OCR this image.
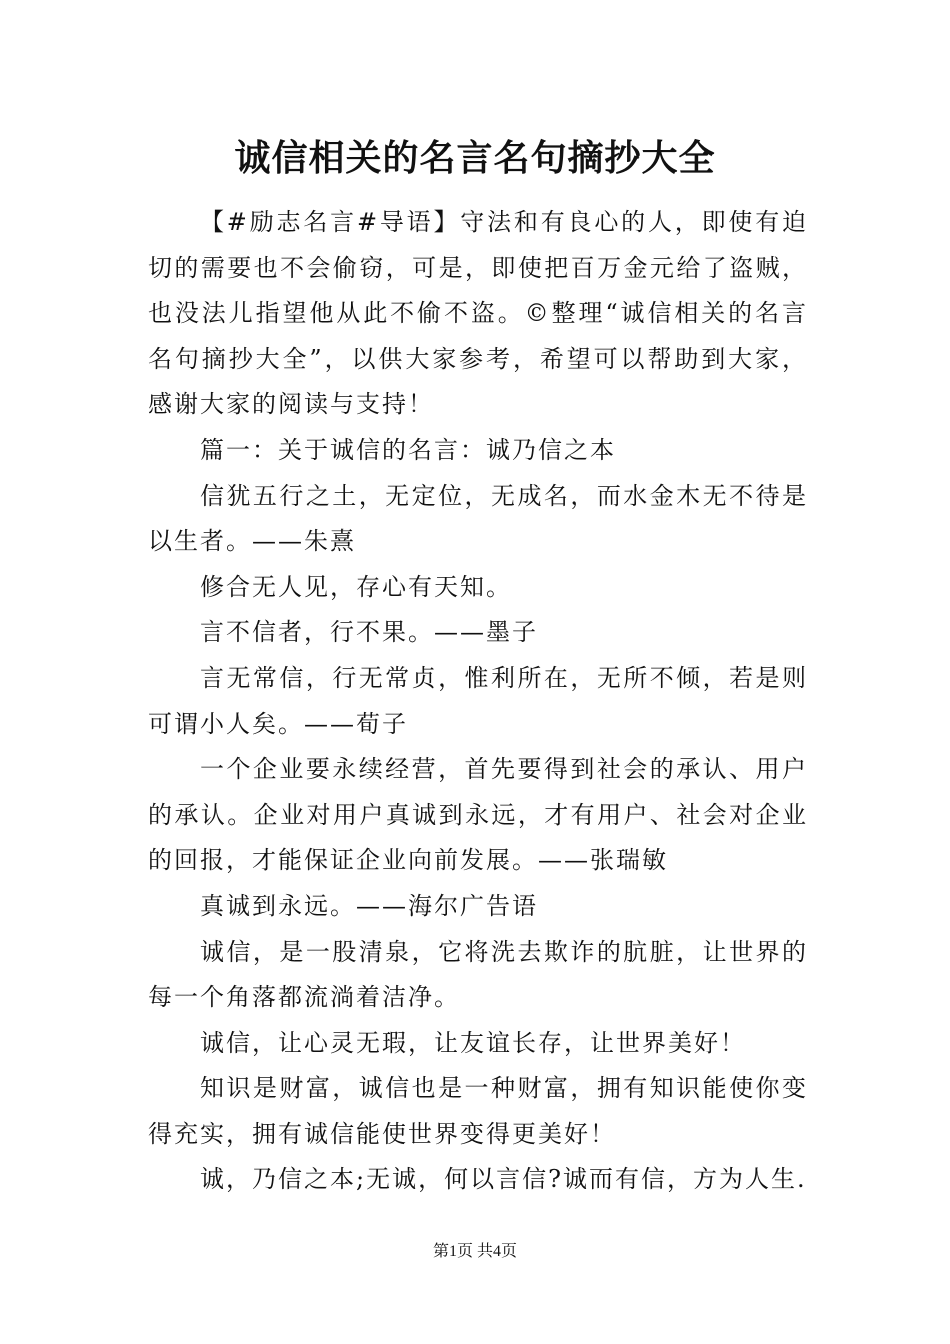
诚信相关的名言名句摘抄大全

【#励志名言#导语】守法和有良心的人，即使有迫切的需要也不会偷窃，可是，即使把百万金元给了盗贼，也没法儿指望他从此不偷不盗。©整理“诚信相关的名言名句摘抄大全”，以供大家参考，希望可以帮助到大家，感谢大家的阅读与支持！

篇一：关于诚信的名言：诚乃信之本

信犹五行之土，无定位，无成名，而水金木无不待是以生者。——朱熹

修合无人见，存心有天知。

言不信者，行不果。——墨子

言无常信，行无常贞，惟利所在，无所不倾，若是则可谓小人矣。——荀子

一个企业要永续经营，首先要得到社会的承认、用户的承认。企业对用户真诚到永远，才有用户、社会对企业的回报，才能保证企业向前发展。——张瑞敏

真诚到永远。——海尔广告语

诚信，是一股清泉，它将洗去欺诈的肮脏，让世界的每一个角落都流淌着洁净。

诚信，让心灵无瑕，让友谊长存，让世界美好！

知识是财富，诚信也是一种财富，拥有知识能使你变得充实，拥有诚信能使世界变得更美好！

诚，乃信之本;无诚，何以言信?诚而有信，方为人生.

第1页 共4页
